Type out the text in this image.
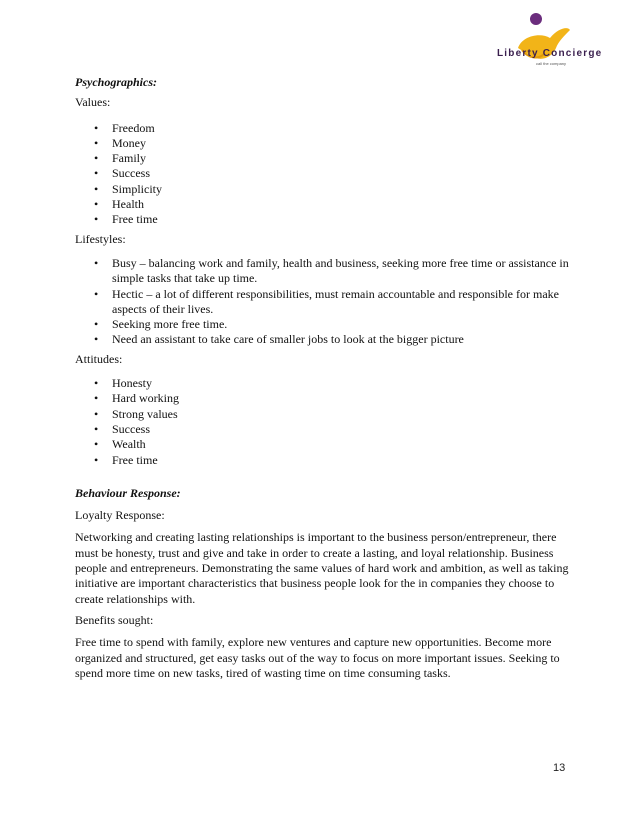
Liberty Concierge
call the company

Psychographics:

Values:

• Freedom
• Money
• Family
• Success
• Simplicity
• Health
• Free time

Lifestyles:

• Busy – balancing work and family, health and business, seeking more free time or assistance in simple tasks that take up time.
• Hectic – a lot of different responsibilities, must remain accountable and responsible for make aspects of their lives.
• Seeking more free time.
• Need an assistant to take care of smaller jobs to look at the bigger picture

Attitudes:

• Honesty
• Hard working
• Strong values
• Success
• Wealth
• Free time

Behaviour Response:

Loyalty Response:

Networking and creating lasting relationships is important to the business person/entrepreneur, there must be honesty, trust and give and take in order to create a lasting, and loyal relationship. Business people and entrepreneurs. Demonstrating the same values of hard work and ambition, as well as taking initiative are important characteristics that business people look for the in companies they choose to create relationships with.

Benefits sought:

Free time to spend with family, explore new ventures and capture new opportunities. Become more organized and structured, get easy tasks out of the way to focus on more important issues. Seeking to spend more time on new tasks, tired of wasting time on time consuming tasks.

13
